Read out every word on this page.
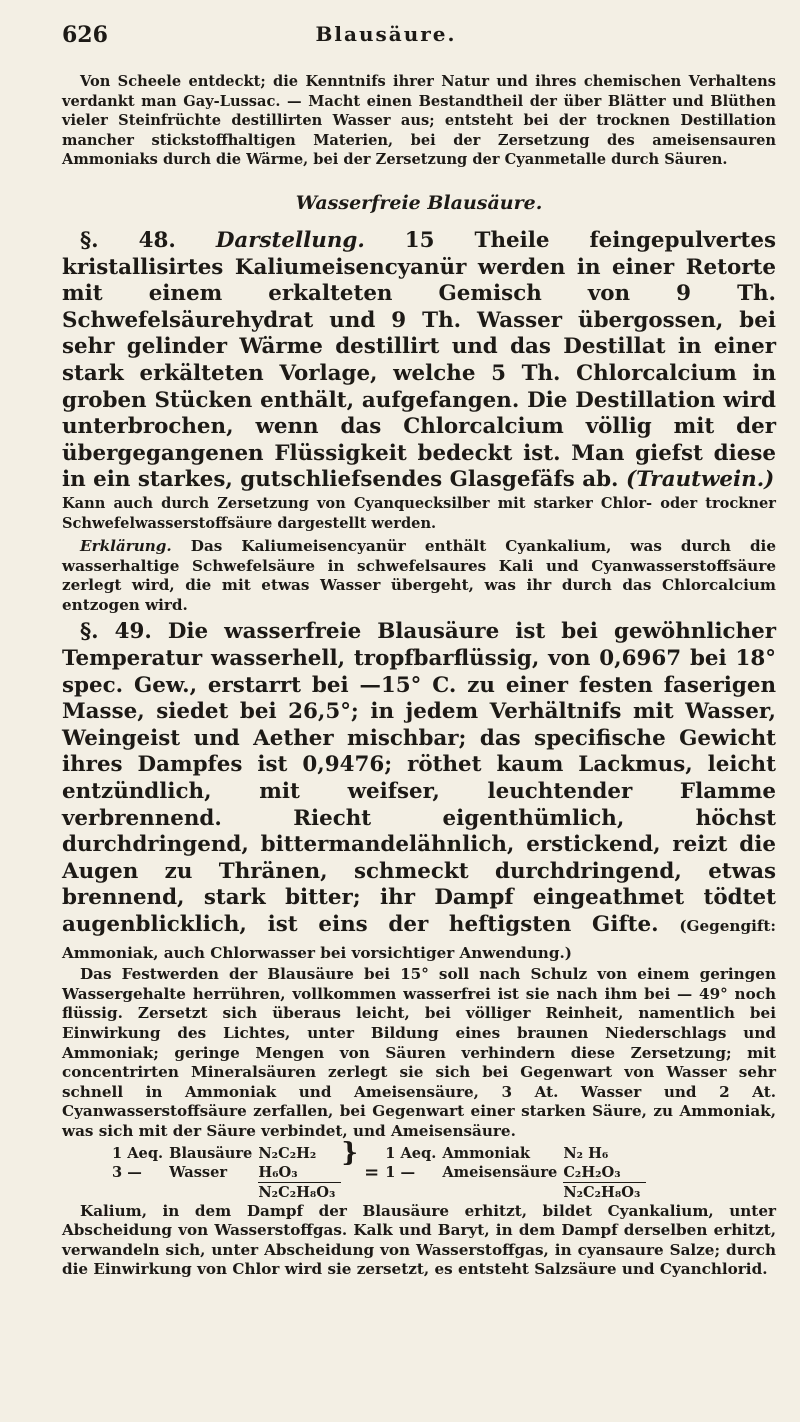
626	Blausäure.

Von Scheele entdeckt; die Kenntnifs ihrer Natur und ihres chemischen Verhaltens verdankt man Gay-Lussac. — Macht einen Bestandtheil der über Blätter und Blüthen vieler Steinfrüchte destillirten Wasser aus; entsteht bei der trocknen Destillation mancher stickstoffhaltigen Materien, bei der Zersetzung des ameisensauren Ammoniaks durch die Wärme, bei der Zersetzung der Cyanmetalle durch Säuren.

Wasserfreie Blausäure.

§. 48. Darstellung. 15 Theile feingepulvertes kristallisirtes Kaliumeisencyanür werden in einer Retorte mit einem erkalteten Gemisch von 9 Th. Schwefelsäurehydrat und 9 Th. Wasser übergossen, bei sehr gelinder Wärme destillirt und das Destillat in einer stark erkälteten Vorlage, welche 5 Th. Chlorcalcium in groben Stücken enthält, aufgefangen. Die Destillation wird unterbrochen, wenn das Chlorcalcium völlig mit der übergegangenen Flüssigkeit bedeckt ist. Man giefst diese in ein starkes, gutschliefsendes Glasgefäfs ab. (Trautwein.)

Kann auch durch Zersetzung von Cyanquecksilber mit starker Chlor- oder trockner Schwefelwasserstoffsäure dargestellt werden.

Erklärung. Das Kaliumeisencyanür enthält Cyankalium, was durch die wasserhaltige Schwefelsäure in schwefelsaures Kali und Cyanwasserstoffsäure zerlegt wird, die mit etwas Wasser übergeht, was ihr durch das Chlorcalcium entzogen wird.

§. 49. Die wasserfreie Blausäure ist bei gewöhnlicher Temperatur wasserhell, tropfbarflüssig, von 0,6967 bei 18° spec. Gew., erstarrt bei —15° C. zu einer festen faserigen Masse, siedet bei 26,5°; in jedem Verhältnifs mit Wasser, Weingeist und Aether mischbar; das specifische Gewicht ihres Dampfes ist 0,9476; röthet kaum Lackmus, leicht entzündlich, mit weifser, leuchtender Flamme verbrennend. Riecht eigenthümlich, höchst durchdringend, bittermandelähnlich, erstickend, reizt die Augen zu Thränen, schmeckt durchdringend, etwas brennend, stark bitter; ihr Dampf eingeathmet tödtet augenblicklich, ist eins der heftigsten Gifte. (Gegengift: Ammoniak, auch Chlorwasser bei vorsichtiger Anwendung.)

Das Festwerden der Blausäure bei 15° soll nach Schulz von einem geringen Wassergehalte herrühren, vollkommen wasserfrei ist sie nach ihm bei — 49° noch flüssig. Zersetzt sich überaus leicht, bei völliger Reinheit, namentlich bei Einwirkung des Lichtes, unter Bildung eines braunen Niederschlags und Ammoniak; geringe Mengen von Säuren verhindern diese Zersetzung; mit concentrirten Mineralsäuren zerlegt sie sich bei Gegenwart von Wasser sehr schnell in Ammoniak und Ameisensäure, 3 At. Wasser und 2 At. Cyanwasserstoffsäure zerfallen, bei Gegenwart einer starken Säure, zu Ammoniak, was sich mit der Säure verbindet, und Ameisensäure.

1 Aeq.	Blausäure	N₂C₂H₂	}	=	1 Aeq.	Ammoniak	N₂ H₆
3 —	Wasser	H₆O₃			1 —	Ameisensäure	C₂H₂O₃
		N₂C₂H₈O₃					N₂C₂H₈O₃

Kalium, in dem Dampf der Blausäure erhitzt, bildet Cyankalium, unter Abscheidung von Wasserstoffgas. Kalk und Baryt, in dem Dampf derselben erhitzt, verwandeln sich, unter Abscheidung von Wasserstoffgas, in cyansaure Salze; durch die Einwirkung von Chlor wird sie zersetzt, es entsteht Salzsäure und Cyanchlorid.
